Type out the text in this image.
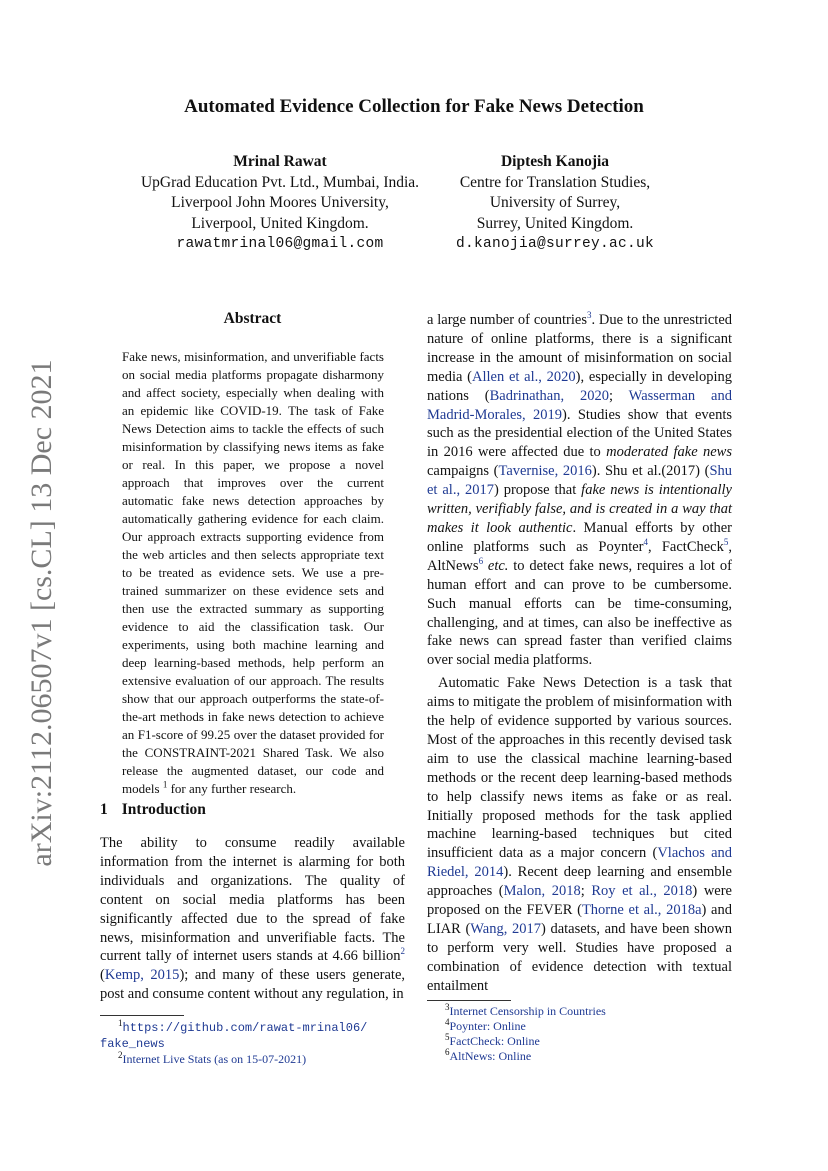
Automated Evidence Collection for Fake News Detection
Mrinal Rawat
UpGrad Education Pvt. Ltd., Mumbai, India.
Liverpool John Moores University,
Liverpool, United Kingdom.
rawatmrinal06@gmail.com
Diptesh Kanojia
Centre for Translation Studies,
University of Surrey,
Surrey, United Kingdom.
d.kanojia@surrey.ac.uk
arXiv:2112.06507v1 [cs.CL] 13 Dec 2021
Abstract
Fake news, misinformation, and unverifiable facts on social media platforms propagate disharmony and affect society, especially when dealing with an epidemic like COVID-19. The task of Fake News Detection aims to tackle the effects of such misinformation by classifying news items as fake or real. In this paper, we propose a novel approach that improves over the current automatic fake news detection approaches by automatically gathering evidence for each claim. Our approach extracts supporting evidence from the web articles and then selects appropriate text to be treated as evidence sets. We use a pre-trained summarizer on these evidence sets and then use the extracted summary as supporting evidence to aid the classification task. Our experiments, using both machine learning and deep learning-based methods, help perform an extensive evaluation of our approach. The results show that our approach outperforms the state-of-the-art methods in fake news detection to achieve an F1-score of 99.25 over the dataset provided for the CONSTRAINT-2021 Shared Task. We also release the augmented dataset, our code and models $^1$ for any further research.
1 Introduction

The ability to consume readily available information from the internet is alarming for both individuals and organizations. The quality of content on social media platforms has been significantly affected due to the spread of fake news, misinformation and unverifiable facts. The current tally of internet users stands at 4.66 billion$^2$ (Kemp, 2015); and many of these users generate, post and consume content without any regulation, in

a large number of countries$^3$. Due to the unrestricted nature of online platforms, there is a significant increase in the amount of misinformation on social media (Allen et al., 2020), especially in developing nations (Badrinathan, 2020; Wasserman and Madrid-Morales, 2019). Studies show that events such as the presidential election of the United States in 2016 were affected due to moderated fake news campaigns (Tavernise, 2016). Shu et al.(2017) (Shu et al., 2017) propose that fake news is intentionally written, verifiably false, and is created in a way that makes it look authentic. Manual efforts by other online platforms such as Poynter$^4$, FactCheck$^5$, AltNews$^6$ etc. to detect fake news, requires a lot of human effort and can prove to be cumbersome. Such manual efforts can be time-consuming, challenging, and at times, can also be ineffective as fake news can spread faster than verified claims over social media platforms.

Automatic Fake News Detection is a task that aims to mitigate the problem of misinformation with the help of evidence supported by various sources. Most of the approaches in this recently devised task aim to use the classical machine learning-based methods or the recent deep learning-based methods to help classify news items as fake or as real. Initially proposed methods for the task applied machine learning-based techniques but cited insufficient data as a major concern (Vlachos and Riedel, 2014). Recent deep learning and ensemble approaches (Malon, 2018; Roy et al., 2018) were proposed on the FEVER (Thorne et al., 2018a) and LIAR (Wang, 2017) datasets, and have been shown to perform very well. Studies have proposed a combination of evidence detection with textual entailment

$^1$https://github.com/rawat-mrinal06/
fake_news

$^2$Internet Live Stats (as on 15-07-2021)

$^3$Internet Censorship in Countries

$^4$Poynter: Online

$^5$FactCheck: Online

$^6$AltNews: Online
